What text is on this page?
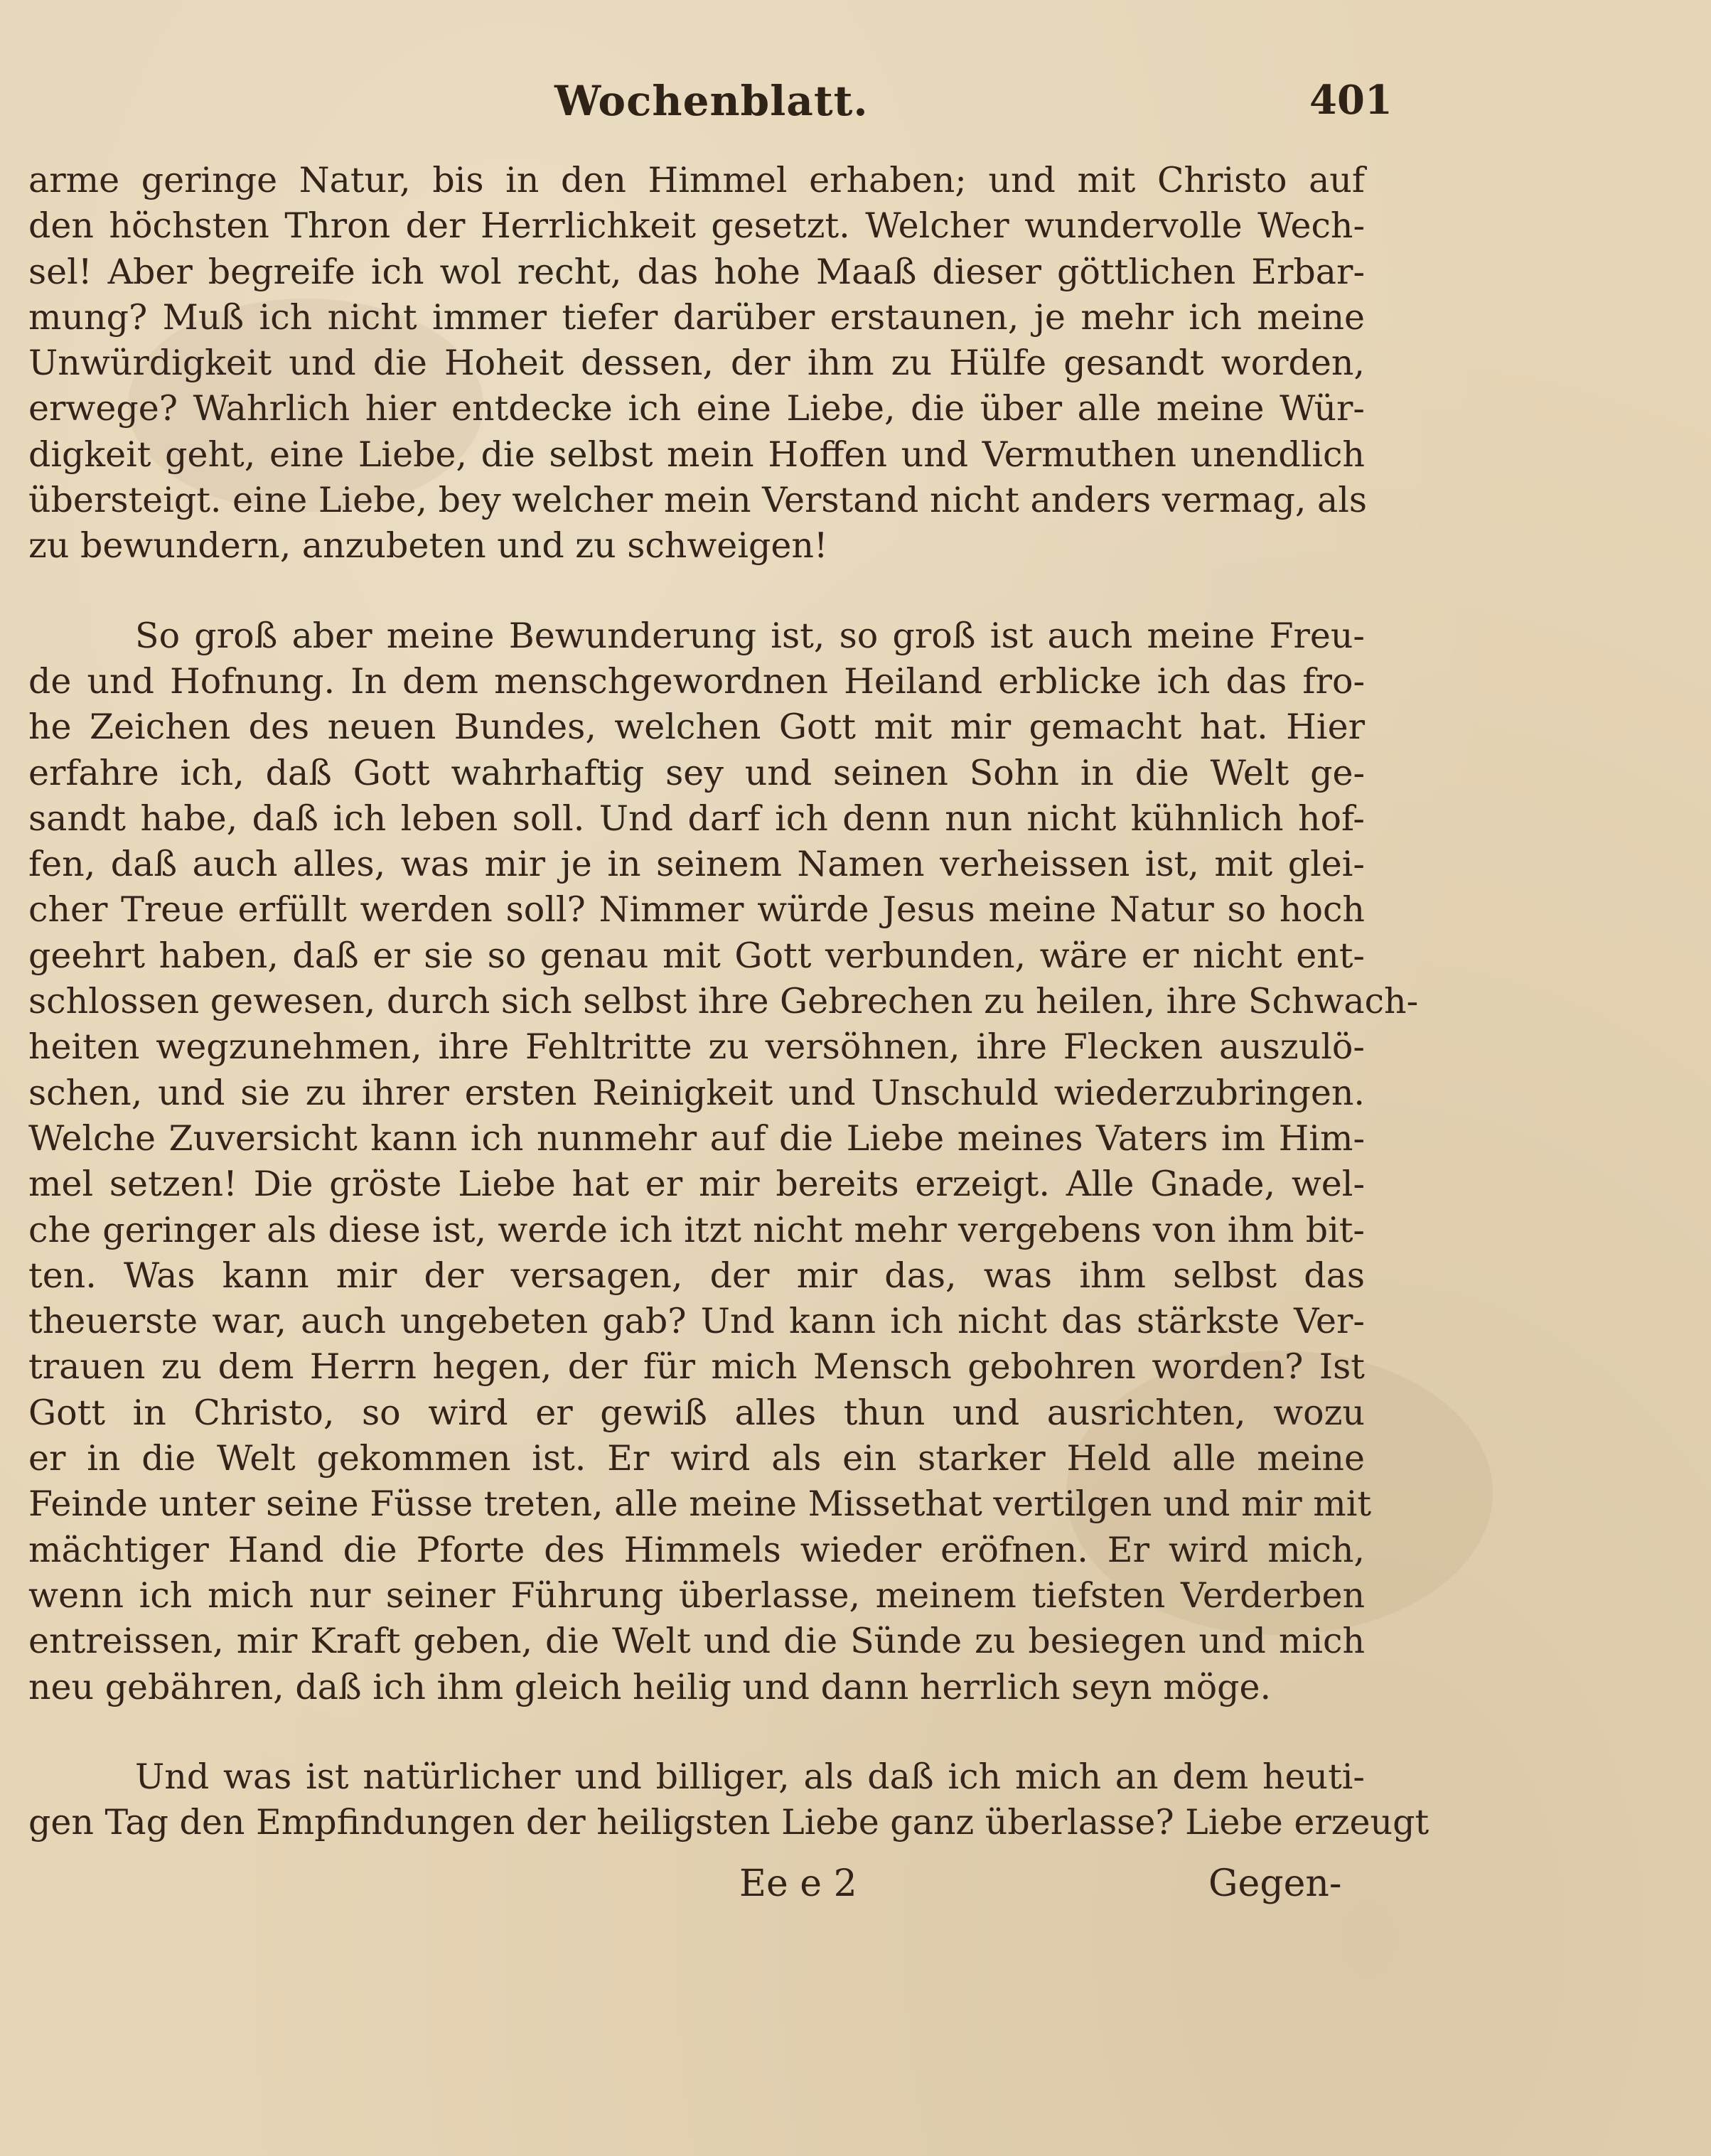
Wochenblatt.	401
arme geringe Natur, bis in den Himmel erhaben; und mit Christo auf
den höchsten Thron der Herrlichkeit gesetzt. Welcher wundervolle Wech-
sel! Aber begreife ich wol recht, das hohe Maaß dieser göttlichen Erbar-
mung? Muß ich nicht immer tiefer darüber erstaunen, je mehr ich meine
Unwürdigkeit und die Hoheit dessen, der ihm zu Hülfe gesandt worden,
erwege? Wahrlich hier entdecke ich eine Liebe, die über alle meine Wür-
digkeit geht, eine Liebe, die selbst mein Hoffen und Vermuthen unendlich
übersteigt. eine Liebe, bey welcher mein Verstand nicht anders vermag, als
zu bewundern, anzubeten und zu schweigen!
So groß aber meine Bewunderung ist, so groß ist auch meine Freu-
de und Hofnung. In dem menschgewordnen Heiland erblicke ich das fro-
he Zeichen des neuen Bundes, welchen Gott mit mir gemacht hat. Hier
erfahre ich, daß Gott wahrhaftig sey und seinen Sohn in die Welt ge-
sandt habe, daß ich leben soll. Und darf ich denn nun nicht kühnlich hof-
fen, daß auch alles, was mir je in seinem Namen verheissen ist, mit glei-
cher Treue erfüllt werden soll? Nimmer würde Jesus meine Natur so hoch
geehrt haben, daß er sie so genau mit Gott verbunden, wäre er nicht ent-
schlossen gewesen, durch sich selbst ihre Gebrechen zu heilen, ihre Schwach-
heiten wegzunehmen, ihre Fehltritte zu versöhnen, ihre Flecken auszulö-
schen, und sie zu ihrer ersten Reinigkeit und Unschuld wiederzubringen.
Welche Zuversicht kann ich nunmehr auf die Liebe meines Vaters im Him-
mel setzen! Die gröste Liebe hat er mir bereits erzeigt. Alle Gnade, wel-
che geringer als diese ist, werde ich itzt nicht mehr vergebens von ihm bit-
ten. Was kann mir der versagen, der mir das, was ihm selbst das
theuerste war, auch ungebeten gab? Und kann ich nicht das stärkste Ver-
trauen zu dem Herrn hegen, der für mich Mensch gebohren worden? Ist
Gott in Christo, so wird er gewiß alles thun und ausrichten, wozu
er in die Welt gekommen ist. Er wird als ein starker Held alle meine
Feinde unter seine Füsse treten, alle meine Missethat vertilgen und mir mit
mächtiger Hand die Pforte des Himmels wieder eröfnen. Er wird mich,
wenn ich mich nur seiner Führung überlasse, meinem tiefsten Verderben
entreissen, mir Kraft geben, die Welt und die Sünde zu besiegen und mich
neu gebähren, daß ich ihm gleich heilig und dann herrlich seyn möge.
Und was ist natürlicher und billiger, als daß ich mich an dem heuti-
gen Tag den Empfindungen der heiligsten Liebe ganz überlasse? Liebe erzeugt
Ee e 2	Gegen-
